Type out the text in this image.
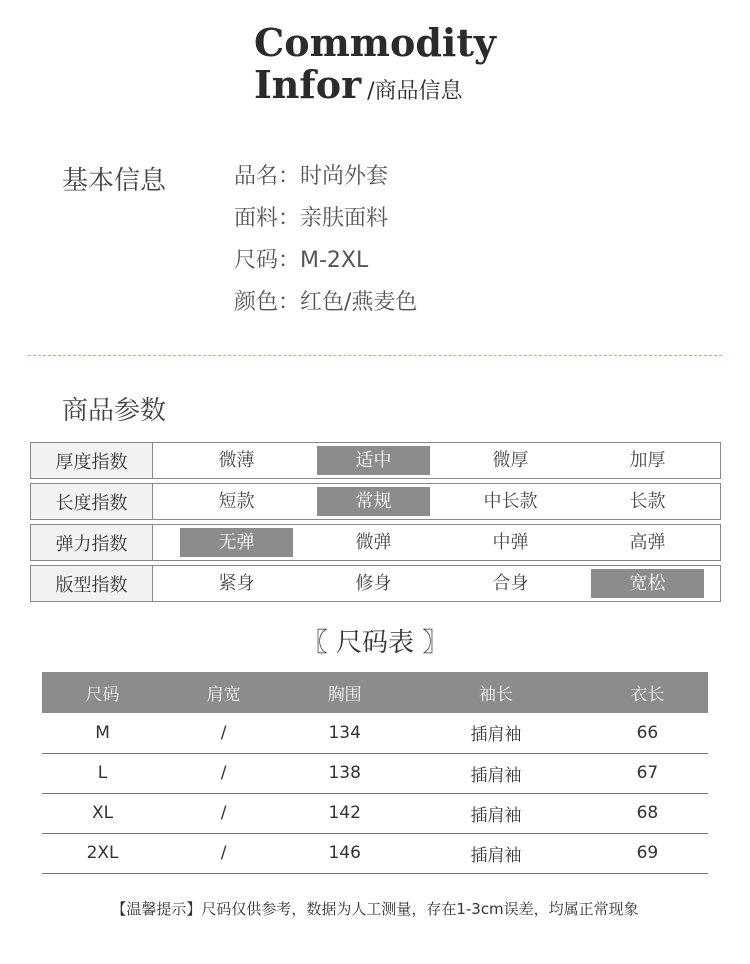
Commodity
Infor /商品信息
基本信息	品名：时尚外套
面料：亲肤面料
尺码：M-2XL
颜色：红色/燕麦色
商品参数
厚度指数	微薄	适中	微厚	加厚
长度指数	短款	常规	中长款	长款
弹力指数	无弹	微弹	中弹	高弹
版型指数	紧身	修身	合身	宽松
〖 尺码表 〗
尺码	肩宽	胸围	袖长	衣长
M	/	134	插肩袖	66
L	/	138	插肩袖	67
XL	/	142	插肩袖	68
2XL	/	146	插肩袖	69
【温馨提示】尺码仅供参考，数据为人工测量，存在1-3cm误差，均属正常现象
